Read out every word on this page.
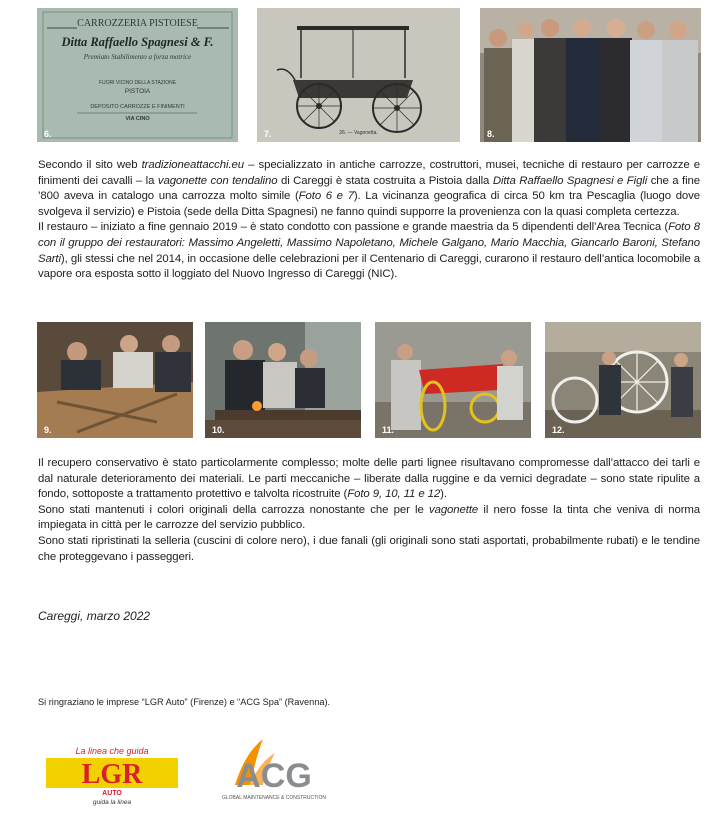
CARROZZERIA PISTOIESE
Ditta Raffaello Spagnesi & F.
Premiato Stabilimento a forza motrice
FUORI VICINO DELLA STAZIONE
PISTOIA
DEPOSITO CARROZZE E FINIMENTI
VIA CINO
6.	26. — Vagonetta.
7.	8.

Secondo il sito web tradizioneattacchi.eu – specializzato in antiche carrozze, costruttori, musei, tecniche di restauro per carrozze e finimenti dei cavalli – la vagonette con tendalino di Careggi è stata costruita a Pistoia dalla Ditta Raffaello Spagnesi e Figli che a fine ’800 aveva in catalogo una carrozza molto simile (Foto 6 e 7). La vicinanza geografica di circa 50 km tra Pescaglia (luogo dove svolgeva il servizio) e Pistoia (sede della Ditta Spagnesi) ne fanno quindi supporre la provenienza con la quasi completa certezza.

Il restauro – iniziato a fine gennaio 2019 – è stato condotto con passione e grande maestria da 5 dipendenti dell’Area Tecnica (Foto 8 con il gruppo dei restauratori: Massimo Angeletti, Massimo Napoletano, Michele Galgano, Mario Macchia, Giancarlo Baroni, Stefano Sarti), gli stessi che nel 2014, in occasione delle celebrazioni per il Centenario di Careggi, curarono il restauro dell’antica locomobile a vapore ora esposta sotto il loggiato del Nuovo Ingresso di Careggi (NIC).

9.	10.	11.	12.

Il recupero conservativo è stato particolarmente complesso; molte delle parti lignee risultavano compromesse dall’attacco dei tarli e dal naturale deterioramento dei materiali. Le parti meccaniche – liberate dalla ruggine e da vernici degradate – sono state ripulite a fondo, sottoposte a trattamento protettivo e talvolta ricostruite (Foto 9, 10, 11 e 12).

Sono stati mantenuti i colori originali della carrozza nonostante che per le vagonette il nero fosse la tinta che veniva di norma impiegata in città per le carrozze del servizio pubblico.

Sono stati ripristinati la selleria (cuscini di colore nero), i due fanali (gli originali sono stati asportati, probabilmente rubati) e le tendine che proteggevano i passeggeri.

Careggi, marzo 2022
Si ringraziano le imprese “LGR Auto” (Firenze) e “ACG Spa” (Ravenna).
LGR
La linea che guida
AUTO
guida la linea
ACG
GLOBAL MAINTENANCE & CONSTRUCTION
